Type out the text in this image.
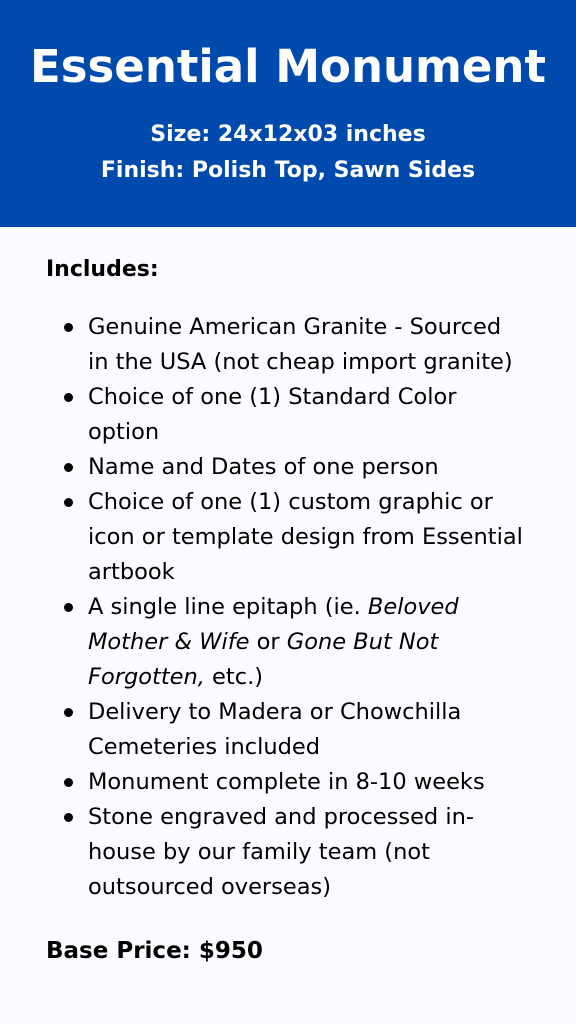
Essential Monument
Size: 24x12x03 inches
Finish: Polish Top, Sawn Sides
Includes:
Genuine American Granite - Sourced in the USA (not cheap import granite)
Choice of one (1) Standard Color option
Name and Dates of one person
Choice of one (1) custom graphic or icon or template design from Essential artbook
A single line epitaph (ie. Beloved Mother & Wife or Gone But Not Forgotten, etc.)
Delivery to Madera or Chowchilla Cemeteries included
Monument complete in 8-10 weeks
Stone engraved and processed in-house by our family team (not outsourced overseas)
Base Price: $950
